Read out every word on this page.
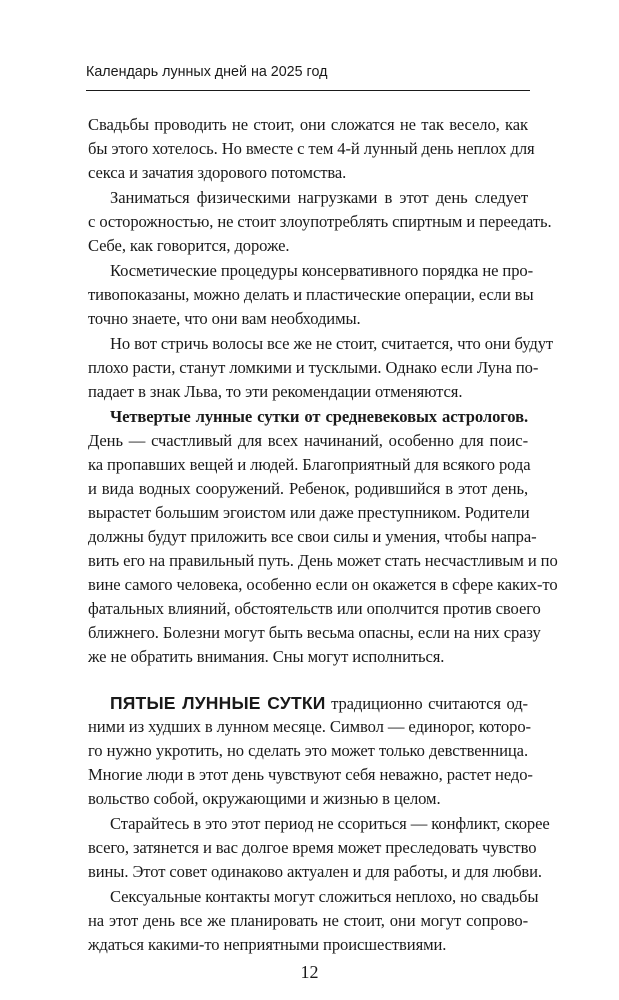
Календарь лунных дней на 2025 год
Свадьбы проводить не стоит, они сложатся не так весело, как
бы этого хотелось. Но вместе с тем 4-й лунный день неплох для
секса и зачатия здорового потомства.
Заниматься физическими нагрузками в этот день следует
с осторожностью, не стоит злоупотреблять спиртным и переедать.
Себе, как говорится, дороже.
Косметические процедуры консервативного порядка не про-
тивопоказаны, можно делать и пластические операции, если вы
точно знаете, что они вам необходимы.
Но вот стричь волосы все же не стоит, считается, что они будут
плохо расти, станут ломкими и тусклыми. Однако если Луна по-
падает в знак Льва, то эти рекомендации отменяются.
Четвертые лунные сутки от средневековых астрологов.
День — счастливый для всех начинаний, особенно для поис-
ка пропавших вещей и людей. Благоприятный для всякого рода
и вида водных сооружений. Ребенок, родившийся в этот день,
вырастет большим эгоистом или даже преступником. Родители
должны будут приложить все свои силы и умения, чтобы напра-
вить его на правильный путь. День может стать несчастливым и по
вине самого человека, особенно если он окажется в сфере каких-то
фатальных влияний, обстоятельств или ополчится против своего
ближнего. Болезни могут быть весьма опасны, если на них сразу
же не обратить внимания. Сны могут исполниться.
ПЯТЫЕ ЛУННЫЕ СУТКИ традиционно считаются од-
ними из худших в лунном месяце. Символ — единорог, которо-
го нужно укротить, но сделать это может только девственница.
Многие люди в этот день чувствуют себя неважно, растет недо-
вольство собой, окружающими и жизнью в целом.
Старайтесь в это этот период не ссориться — конфликт, скорее
всего, затянется и вас долгое время может преследовать чувство
вины. Этот совет одинаково актуален и для работы, и для любви.
Сексуальные контакты могут сложиться неплохо, но свадьбы
на этот день все же планировать не стоит, они могут сопрово-
ждаться какими-то неприятными происшествиями.
12
